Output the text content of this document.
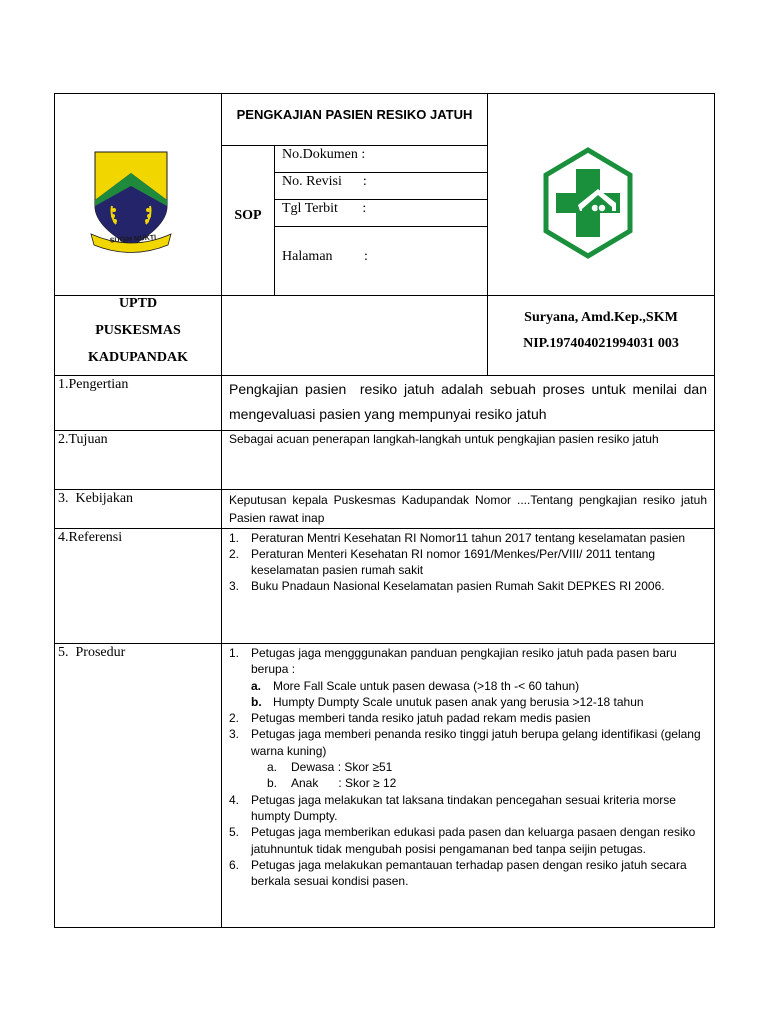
SUGIH MUKTI
PENGKAJIAN PASIEN RESIKO JATUH
SOP
No.Dokumen :
No. Revisi      :
Tgl Terbit       :
Halaman         :
UPTD
PUSKESMAS
KADUPANDAK
Suryana, Amd.Kep.,SKM
NIP.197404021994031 003
1.Pengertian	Pengkajian pasien  resiko jatuh adalah sebuah proses untuk menilai dan mengevaluasi pasien yang mempunyai resiko jatuh
2.Tujuan	Sebagai acuan penerapan langkah-langkah untuk pengkajian pasien resiko jatuh
3.  Kebijakan	Keputusan kepala Puskesmas Kadupandak Nomor ....Tentang pengkajian resiko jatuh Pasien rawat inap
4.Referensi	1. Peraturan Mentri Kesehatan RI Nomor11 tahun 2017 tentang keselamatan pasien
2. Peraturan Menteri Kesehatan RI nomor 1691/Menkes/Per/VIII/ 2011 tentang keselamatan pasien rumah sakit
3. Buku Pnadaun Nasional Keselamatan pasien Rumah Sakit DEPKES RI 2006.
5.  Prosedur	1. Petugas jaga mengggunakan panduan pengkajian resiko jatuh pada pasen baru berupa :
a. More Fall Scale untuk pasen dewasa (>18 th -< 60 tahun)
b. Humpty Dumpty Scale unutuk pasen anak yang berusia >12-18 tahun
2. Petugas memberi tanda resiko jatuh padad rekam medis pasien
3. Petugas jaga memberi penanda resiko tinggi jatuh berupa gelang identifikasi (gelang warna kuning)
a. Dewasa : Skor ≥51
b. Anak      : Skor ≥ 12
4. Petugas jaga melakukan tat laksana tindakan pencegahan sesuai kriteria morse humpty Dumpty.
5. Petugas jaga memberikan edukasi pada pasen dan keluarga pasaen dengan resiko jatuhnuntuk tidak mengubah posisi pengamanan bed tanpa seijin petugas.
6. Petugas jaga melakukan pemantauan terhadap pasen dengan resiko jatuh secara berkala sesuai kondisi pasen.
